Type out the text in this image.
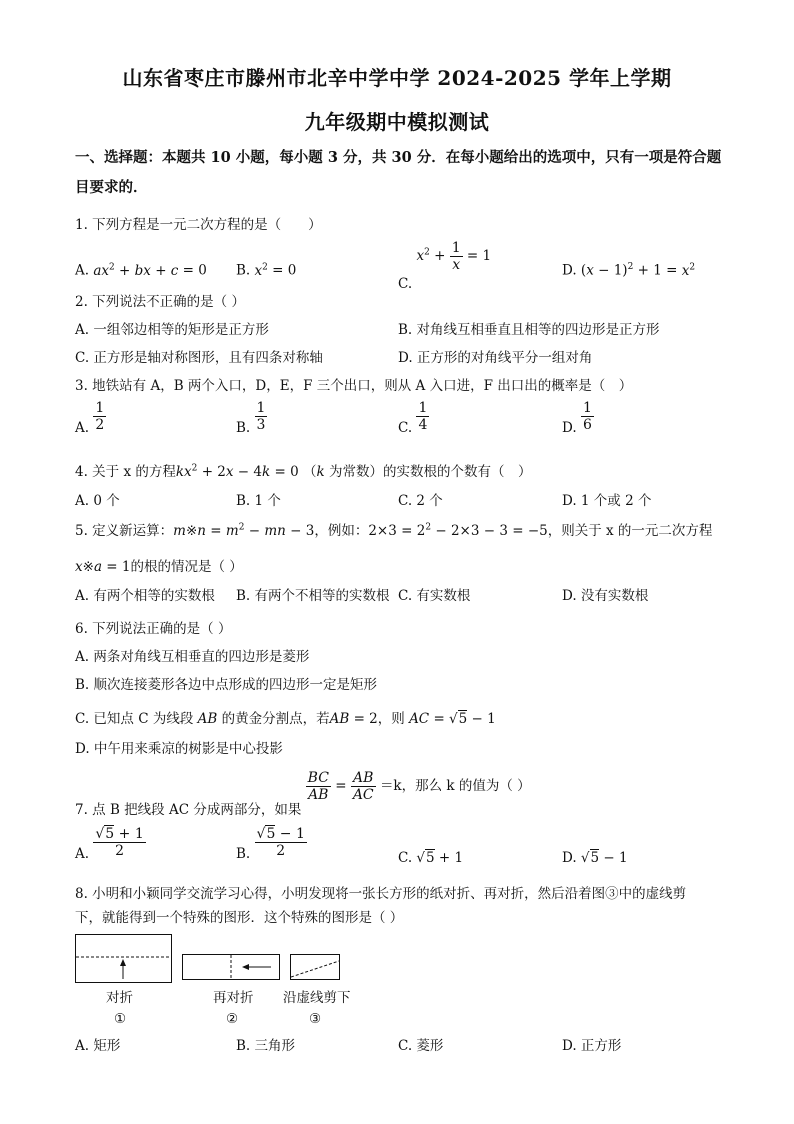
山东省枣庄市滕州市北辛中学中学 2024-2025 学年上学期
九年级期中模拟测试
一、选择题：本题共 10 小题，每小题 3 分，共 30 分．在每小题给出的选项中，只有一项是符合题目要求的．
1. 下列方程是一元二次方程的是（　　）
A. $ax^2$ + bx + c = 0 B. $x^2 = 0$
C. $x^2 + \frac{1}{x} = 1$
D. $(x - 1)^2 + 1 = x^2$
2. 下列说法不正确的是（ ）
A. 一组邻边相等的矩形是正方形	B. 对角线互相垂直且相等的四边形是正方形
C. 正方形是轴对称图形，且有四条对称轴	D. 正方形的对角线平分一组对角
3. 地铁站有 A，B 两个入口，D，E，F 三个出口，则从 A 入口进，F 出口出的概率是（　）
A. $\frac{1}{2}$	B. $\frac{1}{3}$	C. $\frac{1}{4}$	D. $\frac{1}{6}$
4. 关于 x 的方程$kx^2 + 2x - 4k = 0$ （k 为常数）的实数根的个数有（　）
A. 0 个	B. 1 个	C. 2 个	D. 1 个或 2 个
5. 定义新运算：m※n = $m^2$ − mn − 3，例如：$2\times 3 = 2^2 - 2\times 3 - 3 = -5$，则关于 x 的一元二次方程
x※a = 1的根的情况是（ ）
A. 有两个相等的实数根 B. 有两个不相等的实数根 C. 有实数根	D. 没有实数根
6. 下列说法正确的是（ ）
A. 两条对角线互相垂直的四边形是菱形
B. 顺次连接菱形各边中点形成的四边形一定是矩形
C. 已知点 C 为线段 AB 的黄金分割点，若AB = 2，则 AC = √5 − 1
D. 中午用来乘凉的树影是中心投影
7. 点 B 把线段 AC 分成两部分，如果
$\frac{BC}{AB} = \frac{AB}{AC} =k$，那么 k 的值为（ ）
A. $\frac{√5 + 1}{2}$	B. $\frac{√5 - 1}{2}$	C. √5 + 1	D. √5 − 1
8. 小明和小颖同学交流学习心得，小明发现将一张长方形的纸对折、再对折，然后沿着图③中的虚线剪
下，就能得到一个特殊的图形．这个特殊的图形是（ ）
对折
①
再对折
②
沿虚线剪下
③
A. 矩形	B. 三角形	C. 菱形	D. 正方形
